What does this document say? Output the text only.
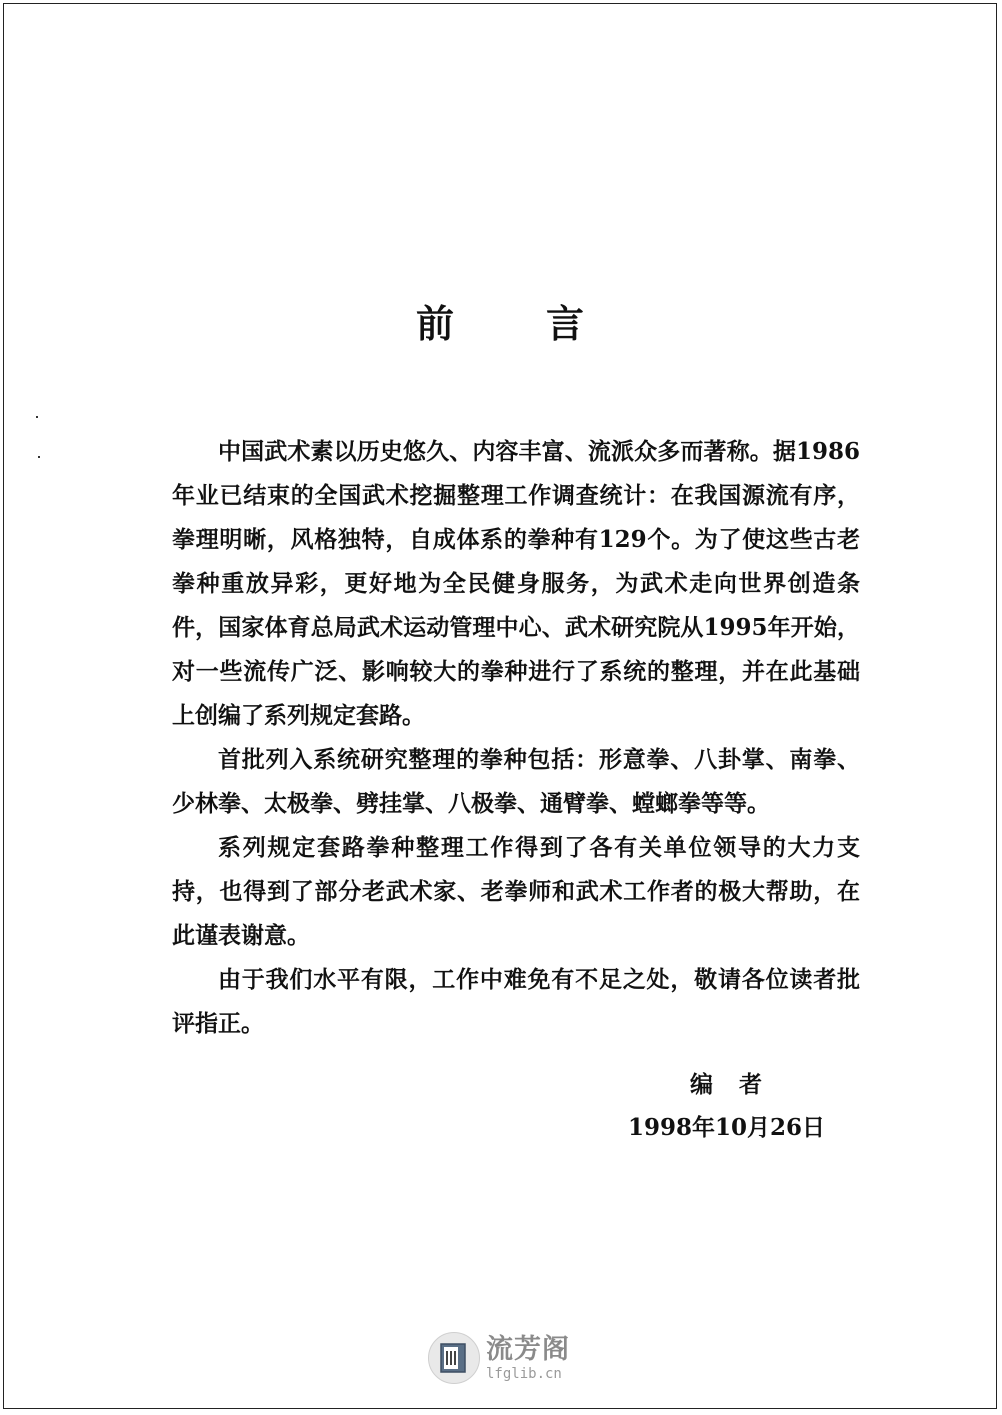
前 言

中国武术素以历史悠久、内容丰富、流派众多而著称。据1986年业已结束的全国武术挖掘整理工作调查统计：在我国源流有序，拳理明晰，风格独特，自成体系的拳种有129个。为了使这些古老拳种重放异彩，更好地为全民健身服务，为武术走向世界创造条件，国家体育总局武术运动管理中心、武术研究院从1995年开始，对一些流传广泛、影响较大的拳种进行了系统的整理，并在此基础上创编了系列规定套路。

首批列入系统研究整理的拳种包括：形意拳、八卦掌、南拳、少林拳、太极拳、劈挂掌、八极拳、通臂拳、螳螂拳等等。

系列规定套路拳种整理工作得到了各有关单位领导的大力支持，也得到了部分老武术家、老拳师和武术工作者的极大帮助，在此谨表谢意。

由于我们水平有限，工作中难免有不足之处，敬请各位读者批评指正。

编 者
1998年10月26日
流芳阁
lfglib.cn
